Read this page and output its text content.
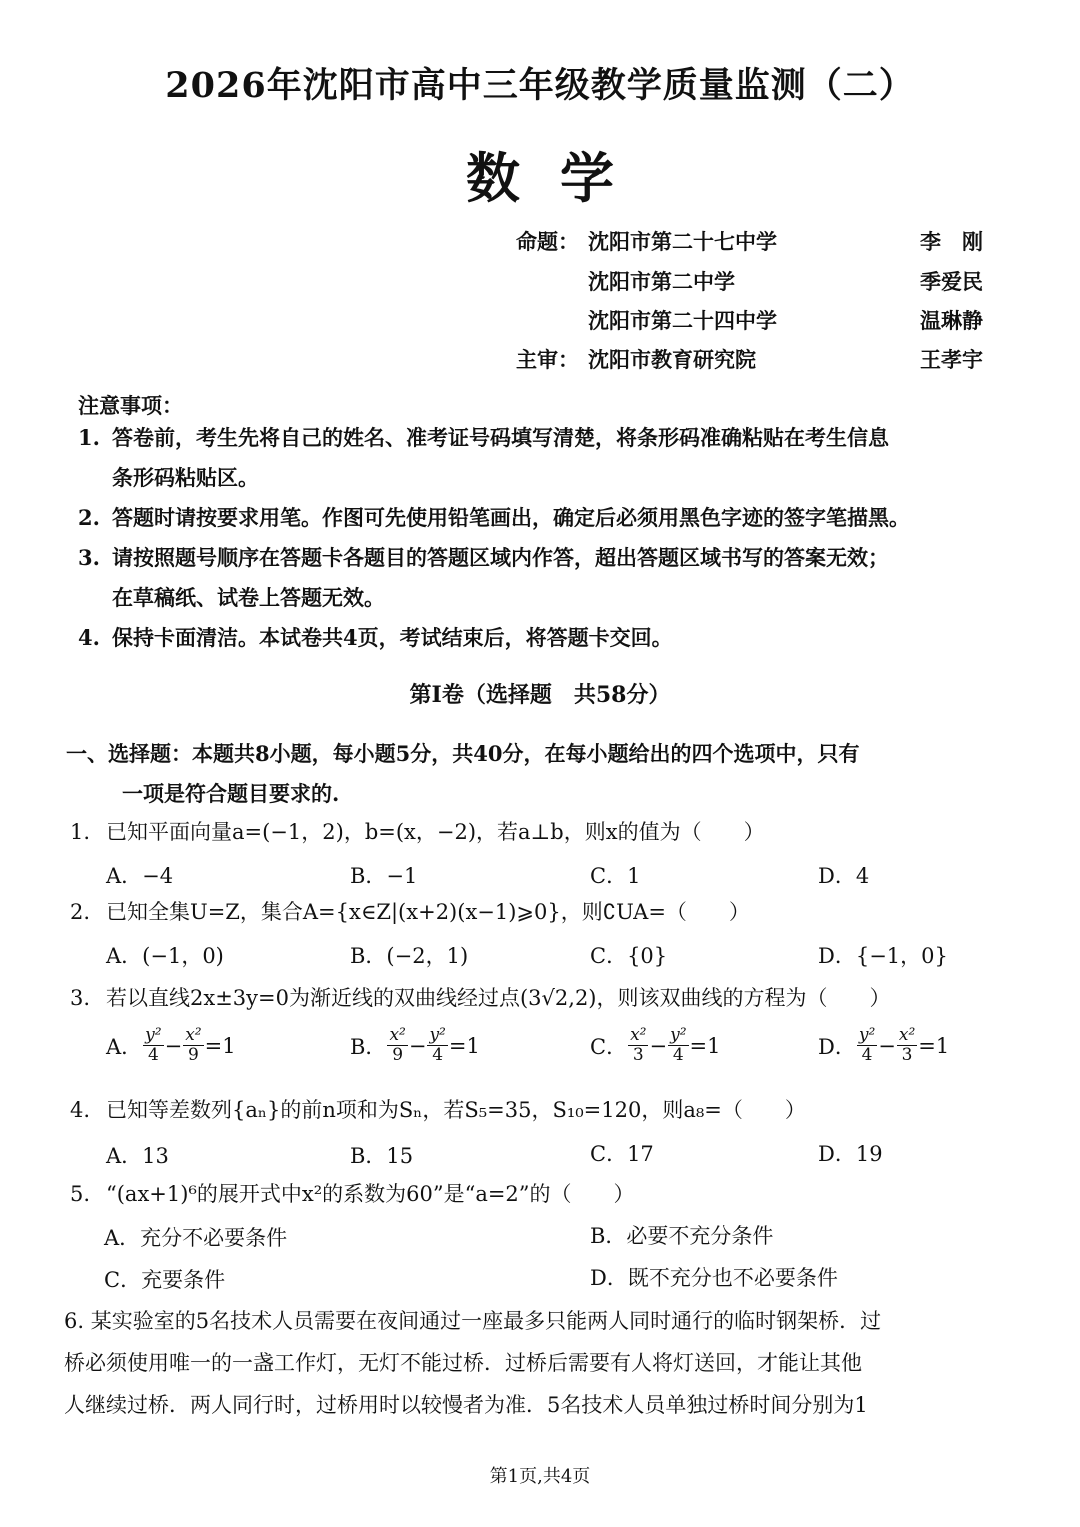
2026年沈阳市高中三年级教学质量监测（二）
数学
命题： 沈阳市第二十七中学	李　刚
沈阳市第二中学	季爱民
沈阳市第二十四中学	温琳静
主审： 沈阳市教育研究院	王孝宇
注意事项：
1. 答卷前，考生先将自己的姓名、准考证号码填写清楚，将条形码准确粘贴在考生信息
条形码粘贴区。
2. 答题时请按要求用笔。作图可先使用铅笔画出，确定后必须用黑色字迹的签字笔描黑。
3. 请按照题号顺序在答题卡各题目的答题区域内作答，超出答题区域书写的答案无效；
在草稿纸、试卷上答题无效。
4. 保持卡面清洁。本试卷共4页，考试结束后，将答题卡交回。
第Ⅰ卷（选择题　共58分）
一、选择题：本题共8小题，每小题5分，共40分，在每小题给出的四个选项中，只有
一项是符合题目要求的.
1. 已知平面向量a=(−1，2)，b=(x，−2)，若a⊥b，则x的值为（　　）
A．−4	B．−1	C．1	D．4
2. 已知全集U=Z，集合A={x∈Z|(x+2)(x−1)⩾0}，则∁UA=（　　）
A．(−1，0)	B．(−2，1)	C．{0}	D．{−1，0}
3. 若以直线2x±3y=0为渐近线的双曲线经过点(3√2,2)，则该双曲线的方程为（　　）
A． $\frac{\text{y²}}{4} - \frac{\text{x²}}{9} =1$	B． $\frac{\text{x²}}{9} - \frac{\text{y²}}{4} =1$	C． $\frac{\text{x²}}{3} - \frac{\text{y²}}{4} =1$	D． $\frac{\text{y²}}{4} - \frac{\text{x²}}{3} =1$
4. 已知等差数列{aₙ}的前n项和为Sₙ，若S₅=35，S₁₀=120，则a₈=（　　）
A．13	B．15	C．17	D．19
5. “(ax+1)⁶的展开式中x²的系数为60”是“a=2”的（　　）
A．充分不必要条件	B．必要不充分条件
C．充要条件	D．既不充分也不必要条件
6. 某实验室的5名技术人员需要在夜间通过一座最多只能两人同时通行的临时钢架桥．过
桥必须使用唯一的一盏工作灯，无灯不能过桥．过桥后需要有人将灯送回，才能让其他
人继续过桥．两人同行时，过桥用时以较慢者为准．5名技术人员单独过桥时间分别为1
第1页,共4页
